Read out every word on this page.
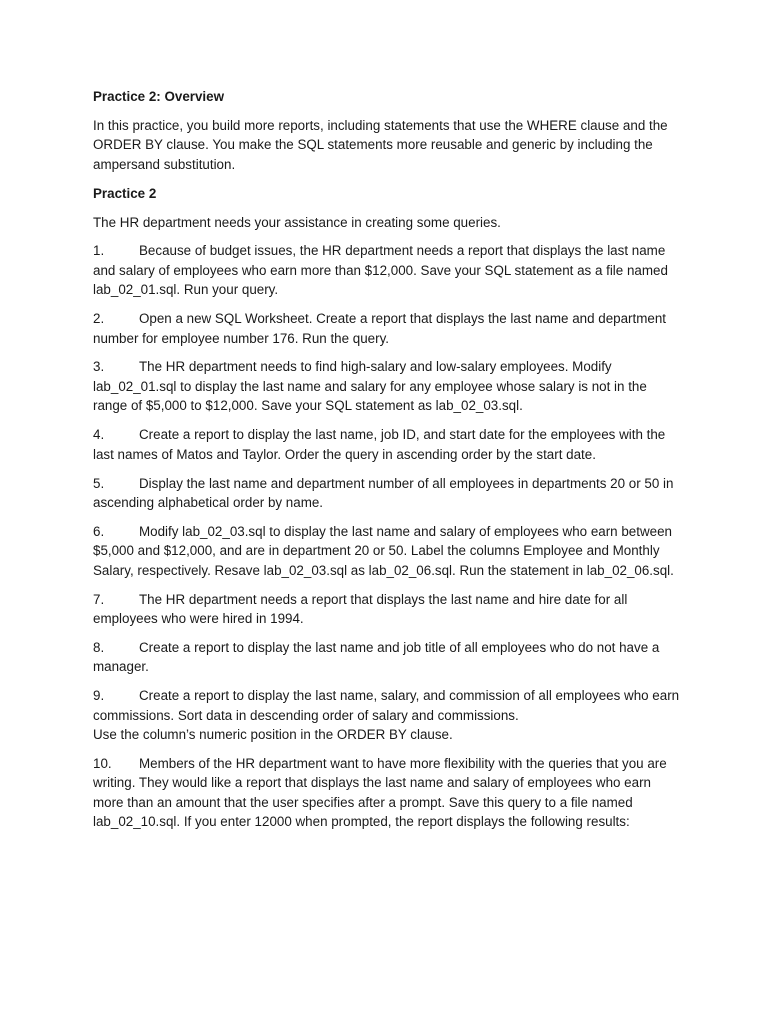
Practice 2: Overview
In this practice, you build more reports, including statements that use the WHERE clause and the ORDER BY clause. You make the SQL statements more reusable and generic by including the ampersand substitution.
Practice 2
The HR department needs your assistance in creating some queries.
1.	Because of budget issues, the HR department needs a report that displays the last name and salary of employees who earn more than $12,000. Save your SQL statement as a file named lab_02_01.sql. Run your query.
2.	Open a new SQL Worksheet. Create a report that displays the last name and department number for employee number 176. Run the query.
3.	The HR department needs to find high-salary and low-salary employees. Modify lab_02_01.sql to display the last name and salary for any employee whose salary is not in the range of $5,000 to $12,000. Save your SQL statement as lab_02_03.sql.
4.	Create a report to display the last name, job ID, and start date for the employees with the last names of Matos and Taylor. Order the query in ascending order by the start date.
5.	Display the last name and department number of all employees in departments 20 or 50 in ascending alphabetical order by name.
6.	Modify lab_02_03.sql to display the last name and salary of employees who earn between $5,000 and $12,000, and are in department 20 or 50. Label the columns Employee and Monthly Salary, respectively. Resave lab_02_03.sql as lab_02_06.sql. Run the statement in lab_02_06.sql.
7.	The HR department needs a report that displays the last name and hire date for all employees who were hired in 1994.
8.	Create a report to display the last name and job title of all employees who do not have a manager.
9.	Create a report to display the last name, salary, and commission of all employees who earn commissions. Sort data in descending order of salary and commissions.
Use the column’s numeric position in the ORDER BY clause.
10. Members of the HR department want to have more flexibility with the queries that you are writing. They would like a report that displays the last name and salary of employees who earn more than an amount that the user specifies after a prompt. Save this query to a file named lab_02_10.sql. If you enter 12000 when prompted, the report displays the following results:
